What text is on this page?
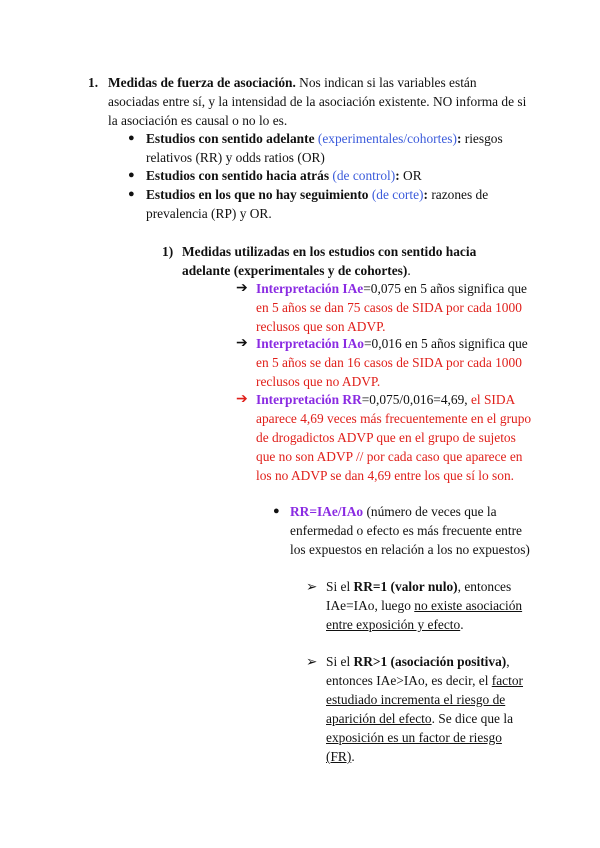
1. Medidas de fuerza de asociación. Nos indican si las variables están asociadas entre sí, y la intensidad de la asociación existente. NO informa de si la asociación es causal o no lo es.
● Estudios con sentido adelante (experimentales/cohortes): riesgos relativos (RR) y odds ratios (OR)
● Estudios con sentido hacia atrás (de control): OR
● Estudios en los que no hay seguimiento (de corte): razones de prevalencia (RP) y OR.
1) Medidas utilizadas en los estudios con sentido hacia adelante (experimentales y de cohortes).
➔ Interpretación IAe=0,075 en 5 años significa que en 5 años se dan 75 casos de SIDA por cada 1000 reclusos que son ADVP.
➔ Interpretación IAo=0,016 en 5 años significa que en 5 años se dan 16 casos de SIDA por cada 1000 reclusos que no ADVP.
➔ Interpretación RR=0,075/0,016=4,69, el SIDA aparece 4,69 veces más frecuentemente en el grupo de drogadictos ADVP que en el grupo de sujetos que no son ADVP // por cada caso que aparece en los no ADVP se dan 4,69 entre los que sí lo son.
● RR=IAe/IAo (número de veces que la enfermedad o efecto es más frecuente entre los expuestos en relación a los no expuestos)
➢ Si el RR=1 (valor nulo), entonces IAe=IAo, luego no existe asociación entre exposición y efecto.
➢ Si el RR>1 (asociación positiva), entonces IAe>IAo, es decir, el factor estudiado incrementa el riesgo de aparición del efecto. Se dice que la exposición es un factor de riesgo (FR).
